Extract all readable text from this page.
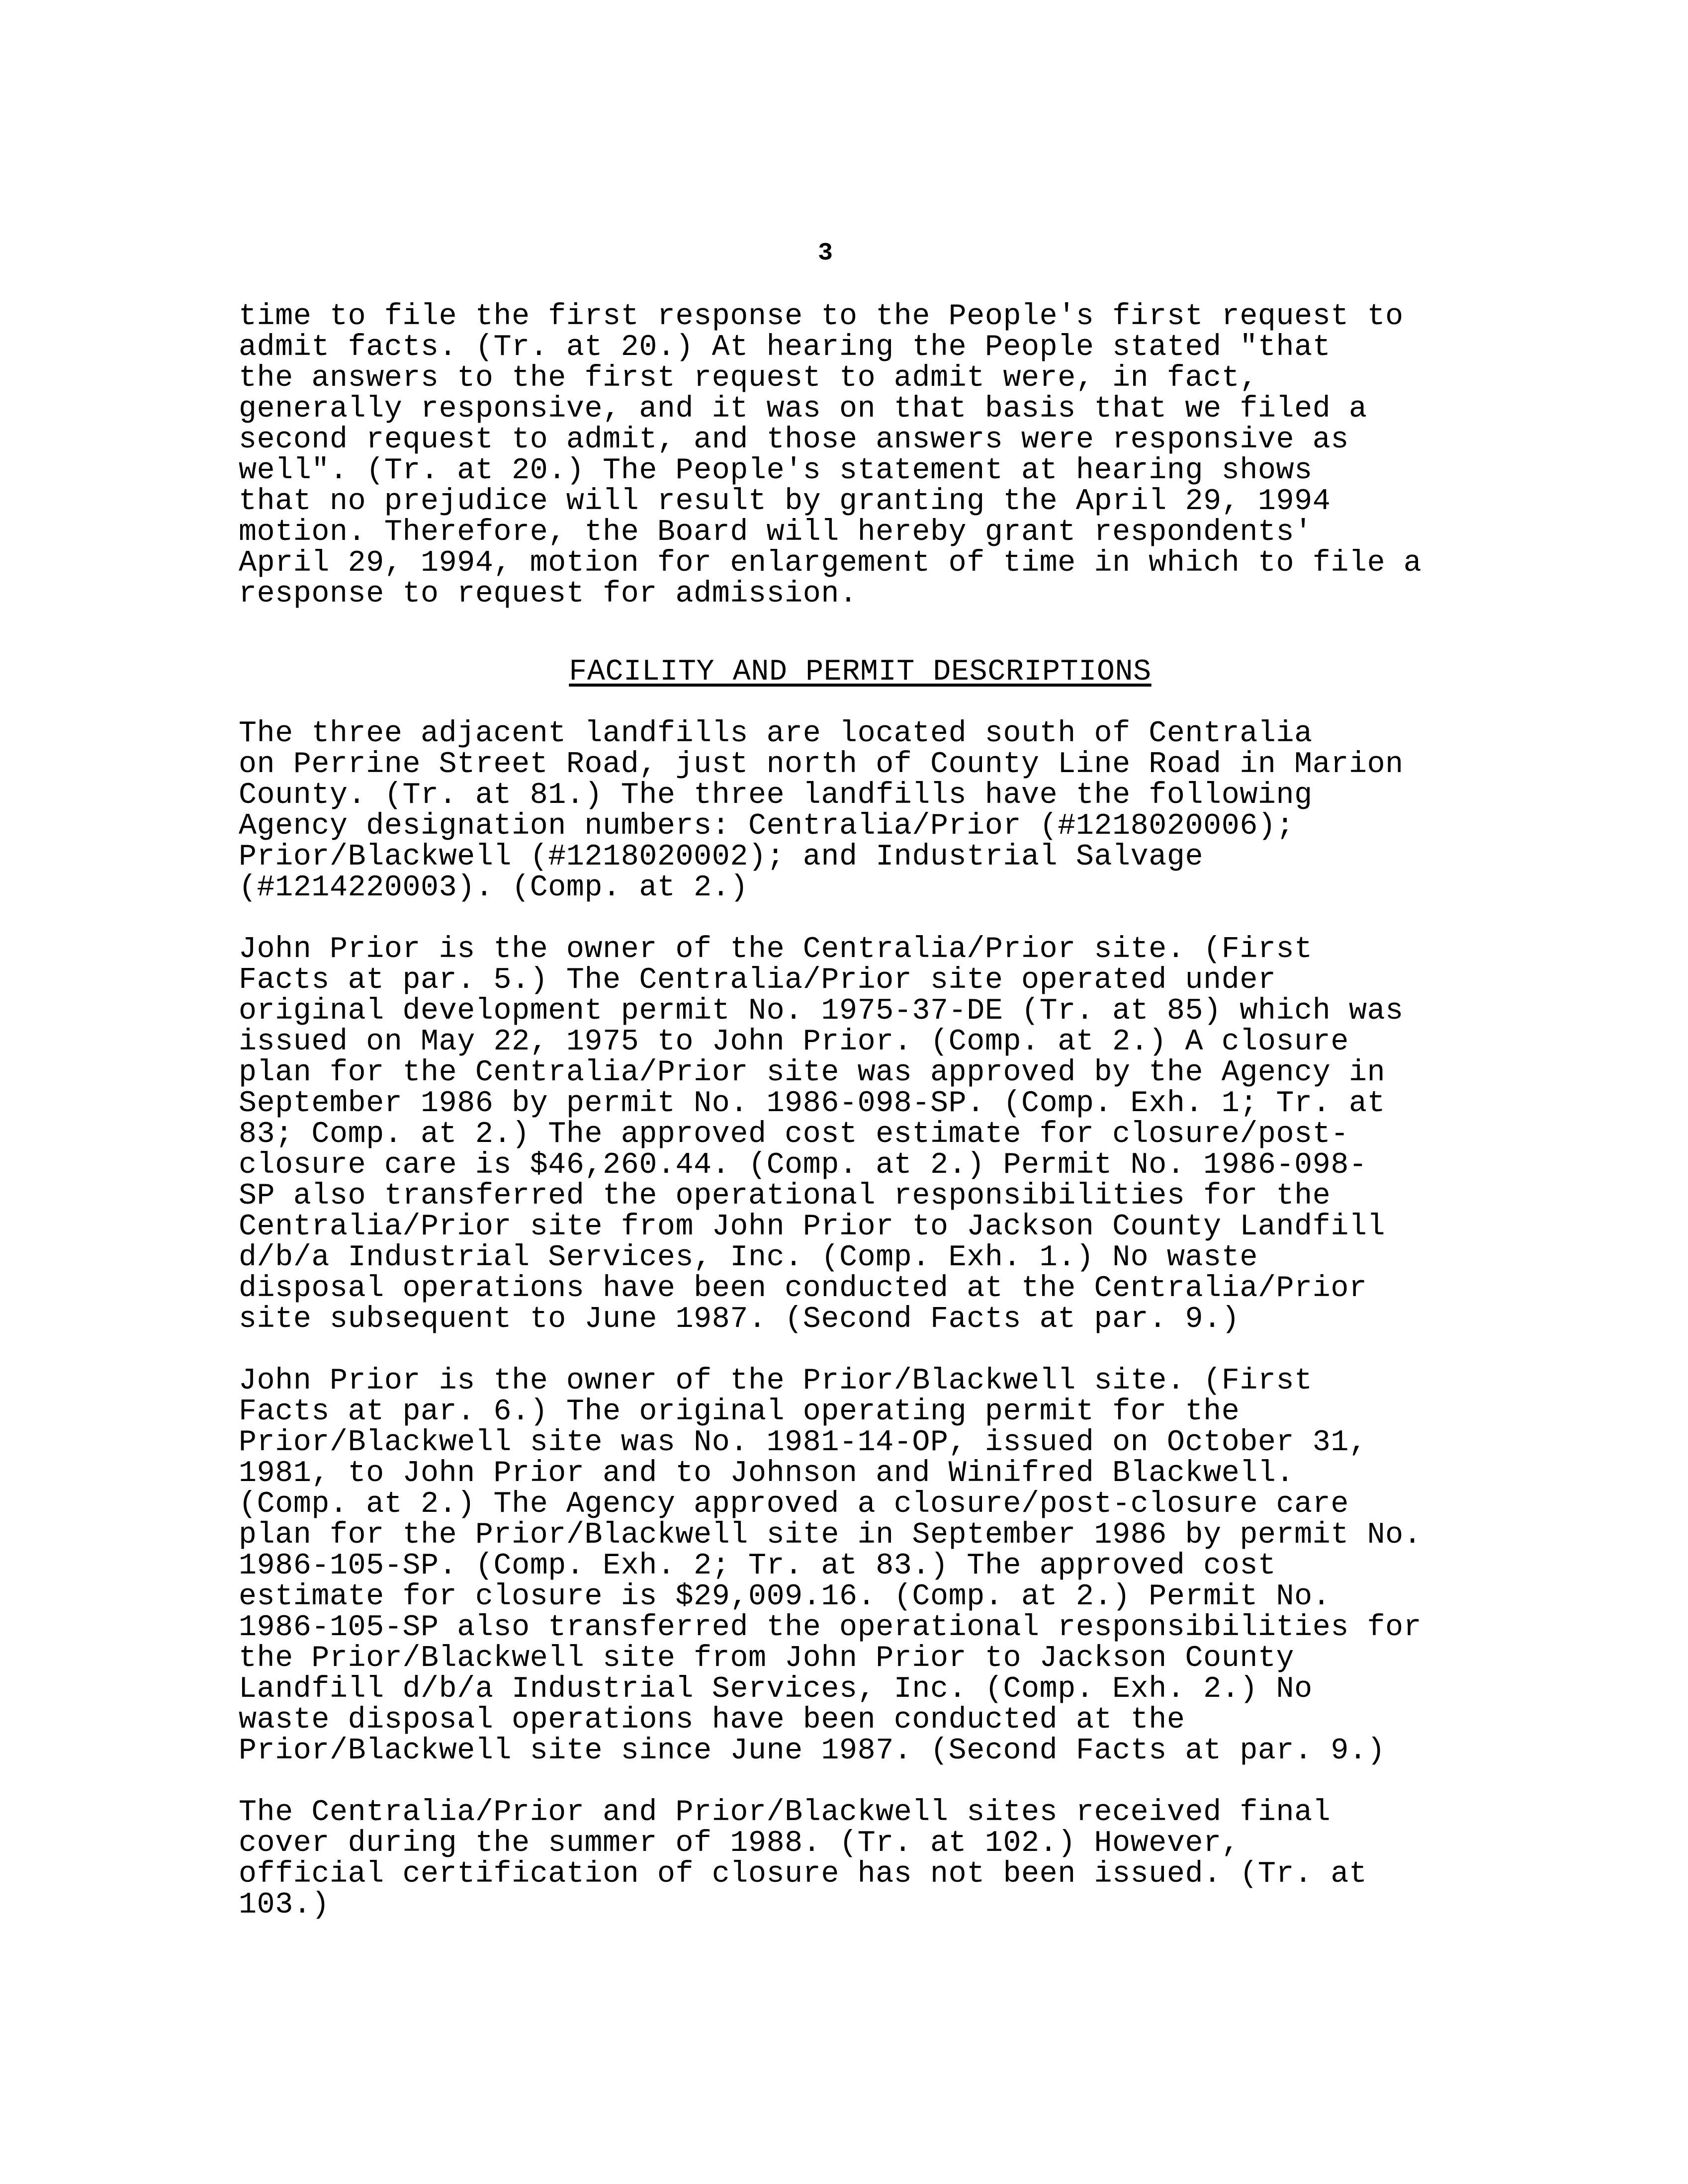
3

time to file the first response to the People's first request to
admit facts. (Tr. at 20.) At hearing the People stated "that
the answers to the first request to admit were, in fact,
generally responsive, and it was on that basis that we filed a
second request to admit, and those answers were responsive as
well". (Tr. at 20.) The People's statement at hearing shows
that no prejudice will result by granting the April 29, 1994
motion. Therefore, the Board will hereby grant respondents'
April 29, 1994, motion for enlargement of time in which to file a
response to request for admission.

FACILITY AND PERMIT DESCRIPTIONS

The three adjacent landfills are located south of Centralia
on Perrine Street Road, just north of County Line Road in Marion
County. (Tr. at 81.) The three landfills have the following
Agency designation numbers: Centralia/Prior (#1218020006);
Prior/Blackwell (#1218020002); and Industrial Salvage
(#1214220003). (Comp. at 2.)

John Prior is the owner of the Centralia/Prior site. (First
Facts at par. 5.) The Centralia/Prior site operated under
original development permit No. 1975-37-DE (Tr. at 85) which was
issued on May 22, 1975 to John Prior. (Comp. at 2.) A closure
plan for the Centralia/Prior site was approved by the Agency in
September 1986 by permit No. 1986-098-SP. (Comp. Exh. 1; Tr. at
83; Comp. at 2.) The approved cost estimate for closure/post-
closure care is $46,260.44. (Comp. at 2.) Permit No. 1986-098-
SP also transferred the operational responsibilities for the
Centralia/Prior site from John Prior to Jackson County Landfill
d/b/a Industrial Services, Inc. (Comp. Exh. 1.) No waste
disposal operations have been conducted at the Centralia/Prior
site subsequent to June 1987. (Second Facts at par. 9.)

John Prior is the owner of the Prior/Blackwell site. (First
Facts at par. 6.) The original operating permit for the
Prior/Blackwell site was No. 1981-14-OP, issued on October 31,
1981, to John Prior and to Johnson and Winifred Blackwell.
(Comp. at 2.) The Agency approved a closure/post-closure care
plan for the Prior/Blackwell site in September 1986 by permit No.
1986-105-SP. (Comp. Exh. 2; Tr. at 83.) The approved cost
estimate for closure is $29,009.16. (Comp. at 2.) Permit No.
1986-105-SP also transferred the operational responsibilities for
the Prior/Blackwell site from John Prior to Jackson County
Landfill d/b/a Industrial Services, Inc. (Comp. Exh. 2.) No
waste disposal operations have been conducted at the
Prior/Blackwell site since June 1987. (Second Facts at par. 9.)

The Centralia/Prior and Prior/Blackwell sites received final
cover during the summer of 1988. (Tr. at 102.) However,
official certification of closure has not been issued. (Tr. at
103.)
